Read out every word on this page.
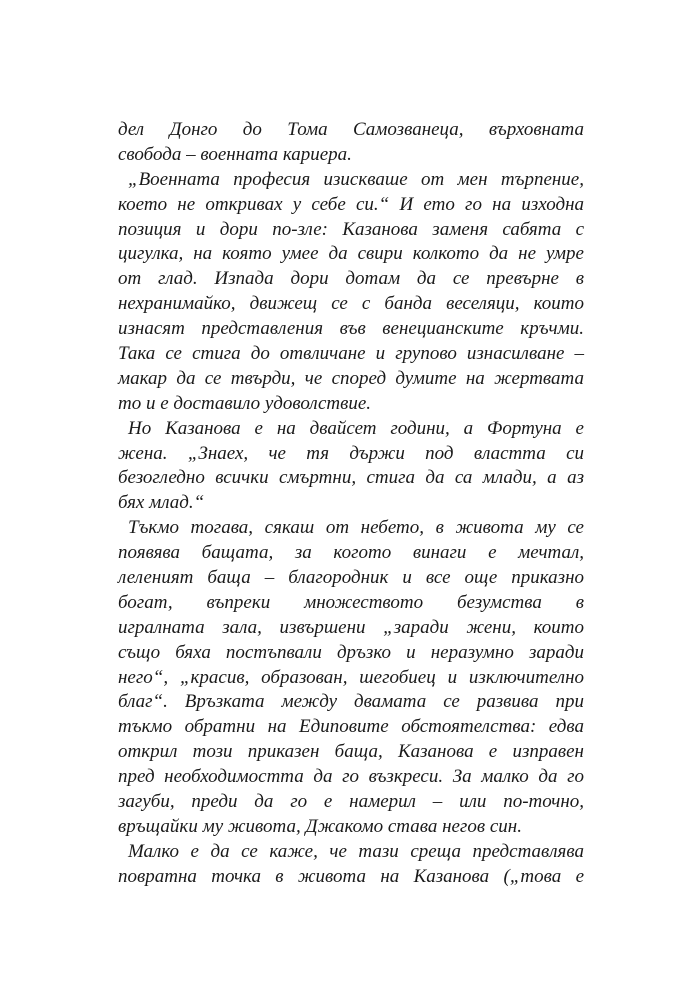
дел Донго до Тома Самозванеца, върховната
свобода – военната кариера.
„Военната професия изискваше от мен търпение,
което не откривах у себе си.“ И ето го на изходна
позиция и дори по-зле: Казанова заменя сабята с
цигулка, на която умее да свири колкото да не умре
от глад. Изпада дори дотам да се превърне в
нехранимайко, движещ се с банда веселяци, които
изнасят представления във венецианските кръчми.
Така се стига до отвличане и групово изнасилване –
макар да се твърди, че според думите на жертвата
то и е доставило удоволствие.
Но Казанова е на двайсет години, а Фортуна е
жена. „Знаех, че тя държи под властта си
безогледно всички смъртни, стига да са млади, а аз
бях млад.“
Тъкмо тогава, сякаш от небето, в живота му се
появява бащата, за когото винаги е мечтал,
леленият баща – благородник и все още приказно
богат, въпреки множеството безумства в
игралната зала, извършени „заради жени, които
също бяха постъпвали дръзко и неразумно заради
него“, „красив, образован, шегобиец и изключително
благ“. Връзката между двамата се развива при
тъкмо обратни на Едиповите обстоятелства: едва
открил този приказен баща, Казанова е изправен
пред необходимостта да го възкреси. За малко да го
загуби, преди да го е намерил – или по-точно,
връщайки му живота, Джакомо става негов син.
Малко е да се каже, че тази среща представлява
повратна точка в живота на Казанова („това е
